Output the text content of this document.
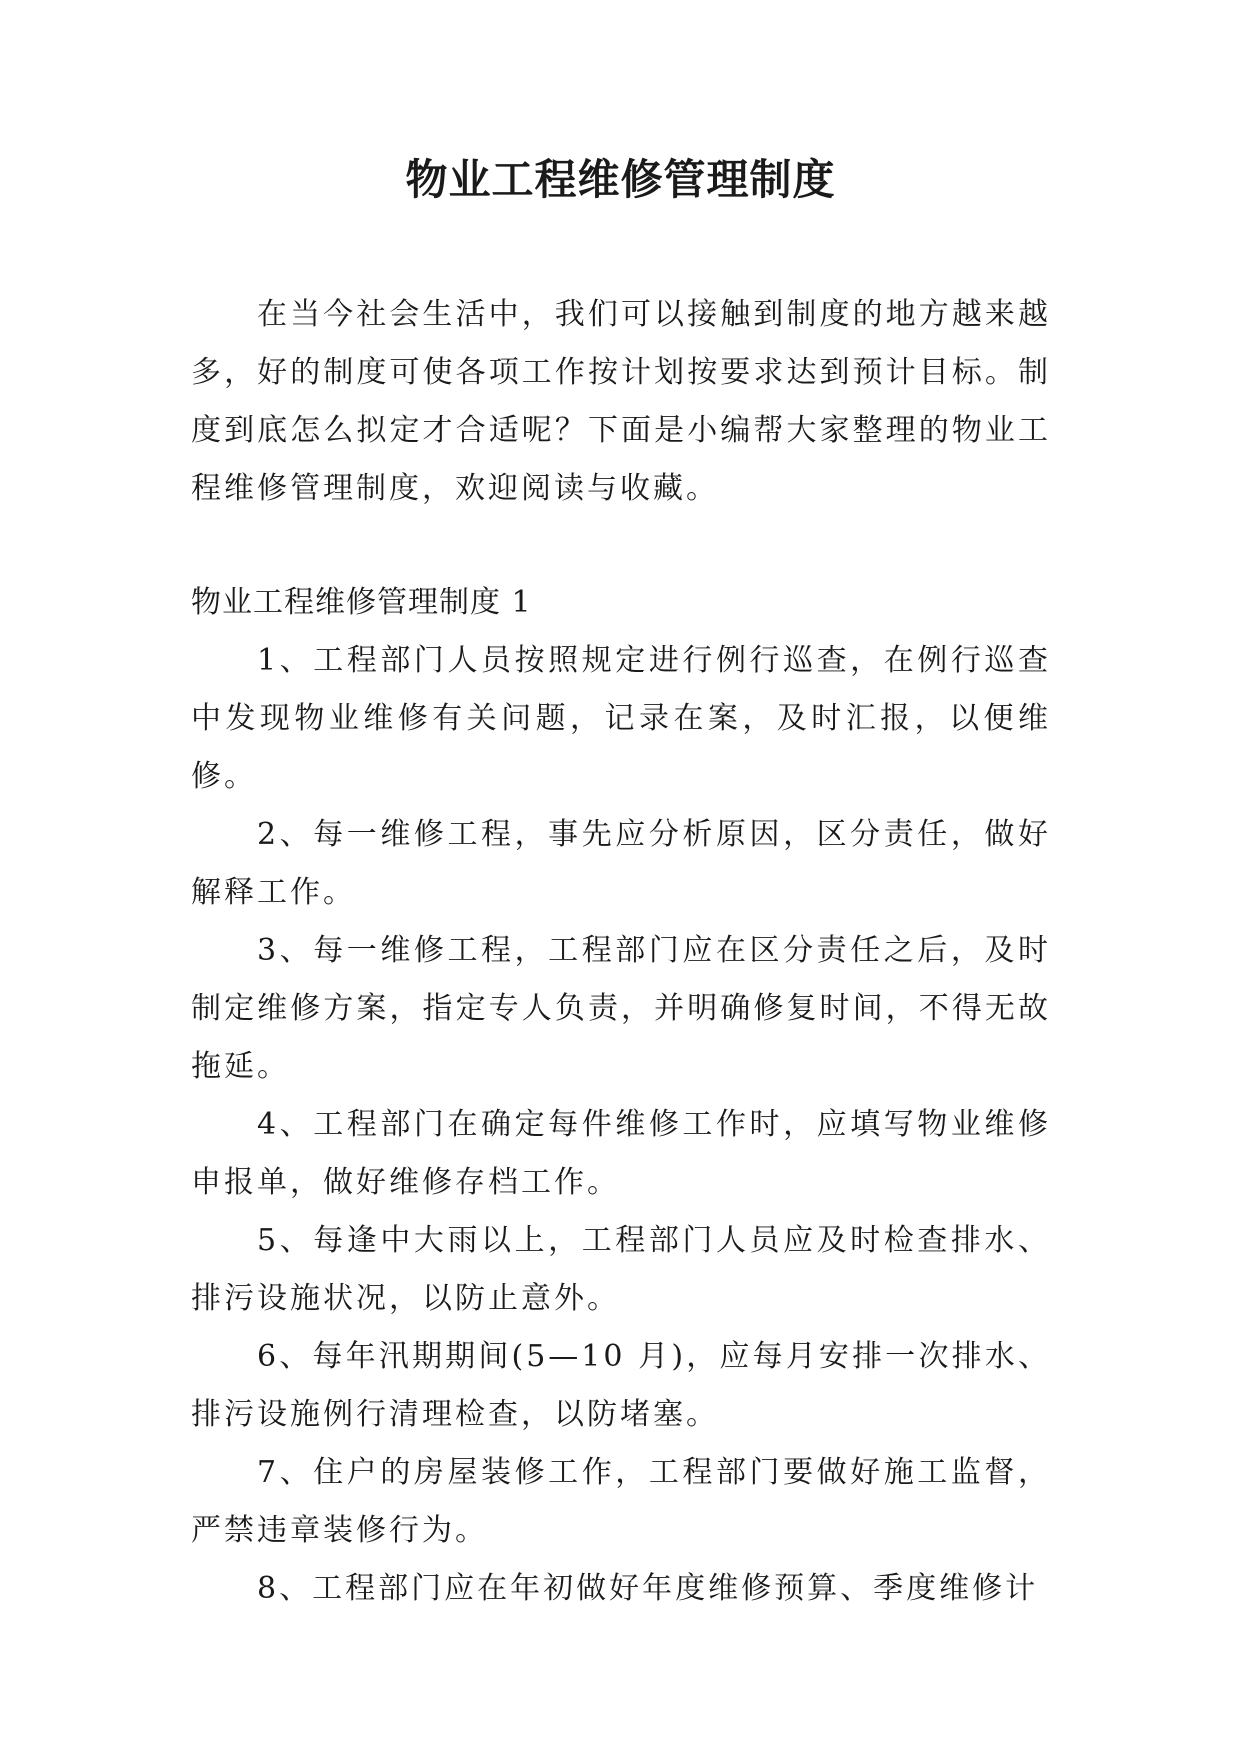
物业工程维修管理制度

在当今社会生活中，我们可以接触到制度的地方越来越多，好的制度可使各项工作按计划按要求达到预计目标。制度到底怎么拟定才合适呢？下面是小编帮大家整理的物业工程维修管理制度，欢迎阅读与收藏。

物业工程维修管理制度 1

1、工程部门人员按照规定进行例行巡查，在例行巡查中发现物业维修有关问题，记录在案，及时汇报，以便维修。

2、每一维修工程，事先应分析原因，区分责任，做好解释工作。

3、每一维修工程，工程部门应在区分责任之后，及时制定维修方案，指定专人负责，并明确修复时间，不得无故拖延。

4、工程部门在确定每件维修工作时，应填写物业维修申报单，做好维修存档工作。

5、每逢中大雨以上，工程部门人员应及时检查排水、排污设施状况，以防止意外。

6、每年汛期期间(5—10 月)，应每月安排一次排水、排污设施例行清理检查，以防堵塞。

7、住户的房屋装修工作，工程部门要做好施工监督，严禁违章装修行为。

8、工程部门应在年初做好年度维修预算、季度维修计
